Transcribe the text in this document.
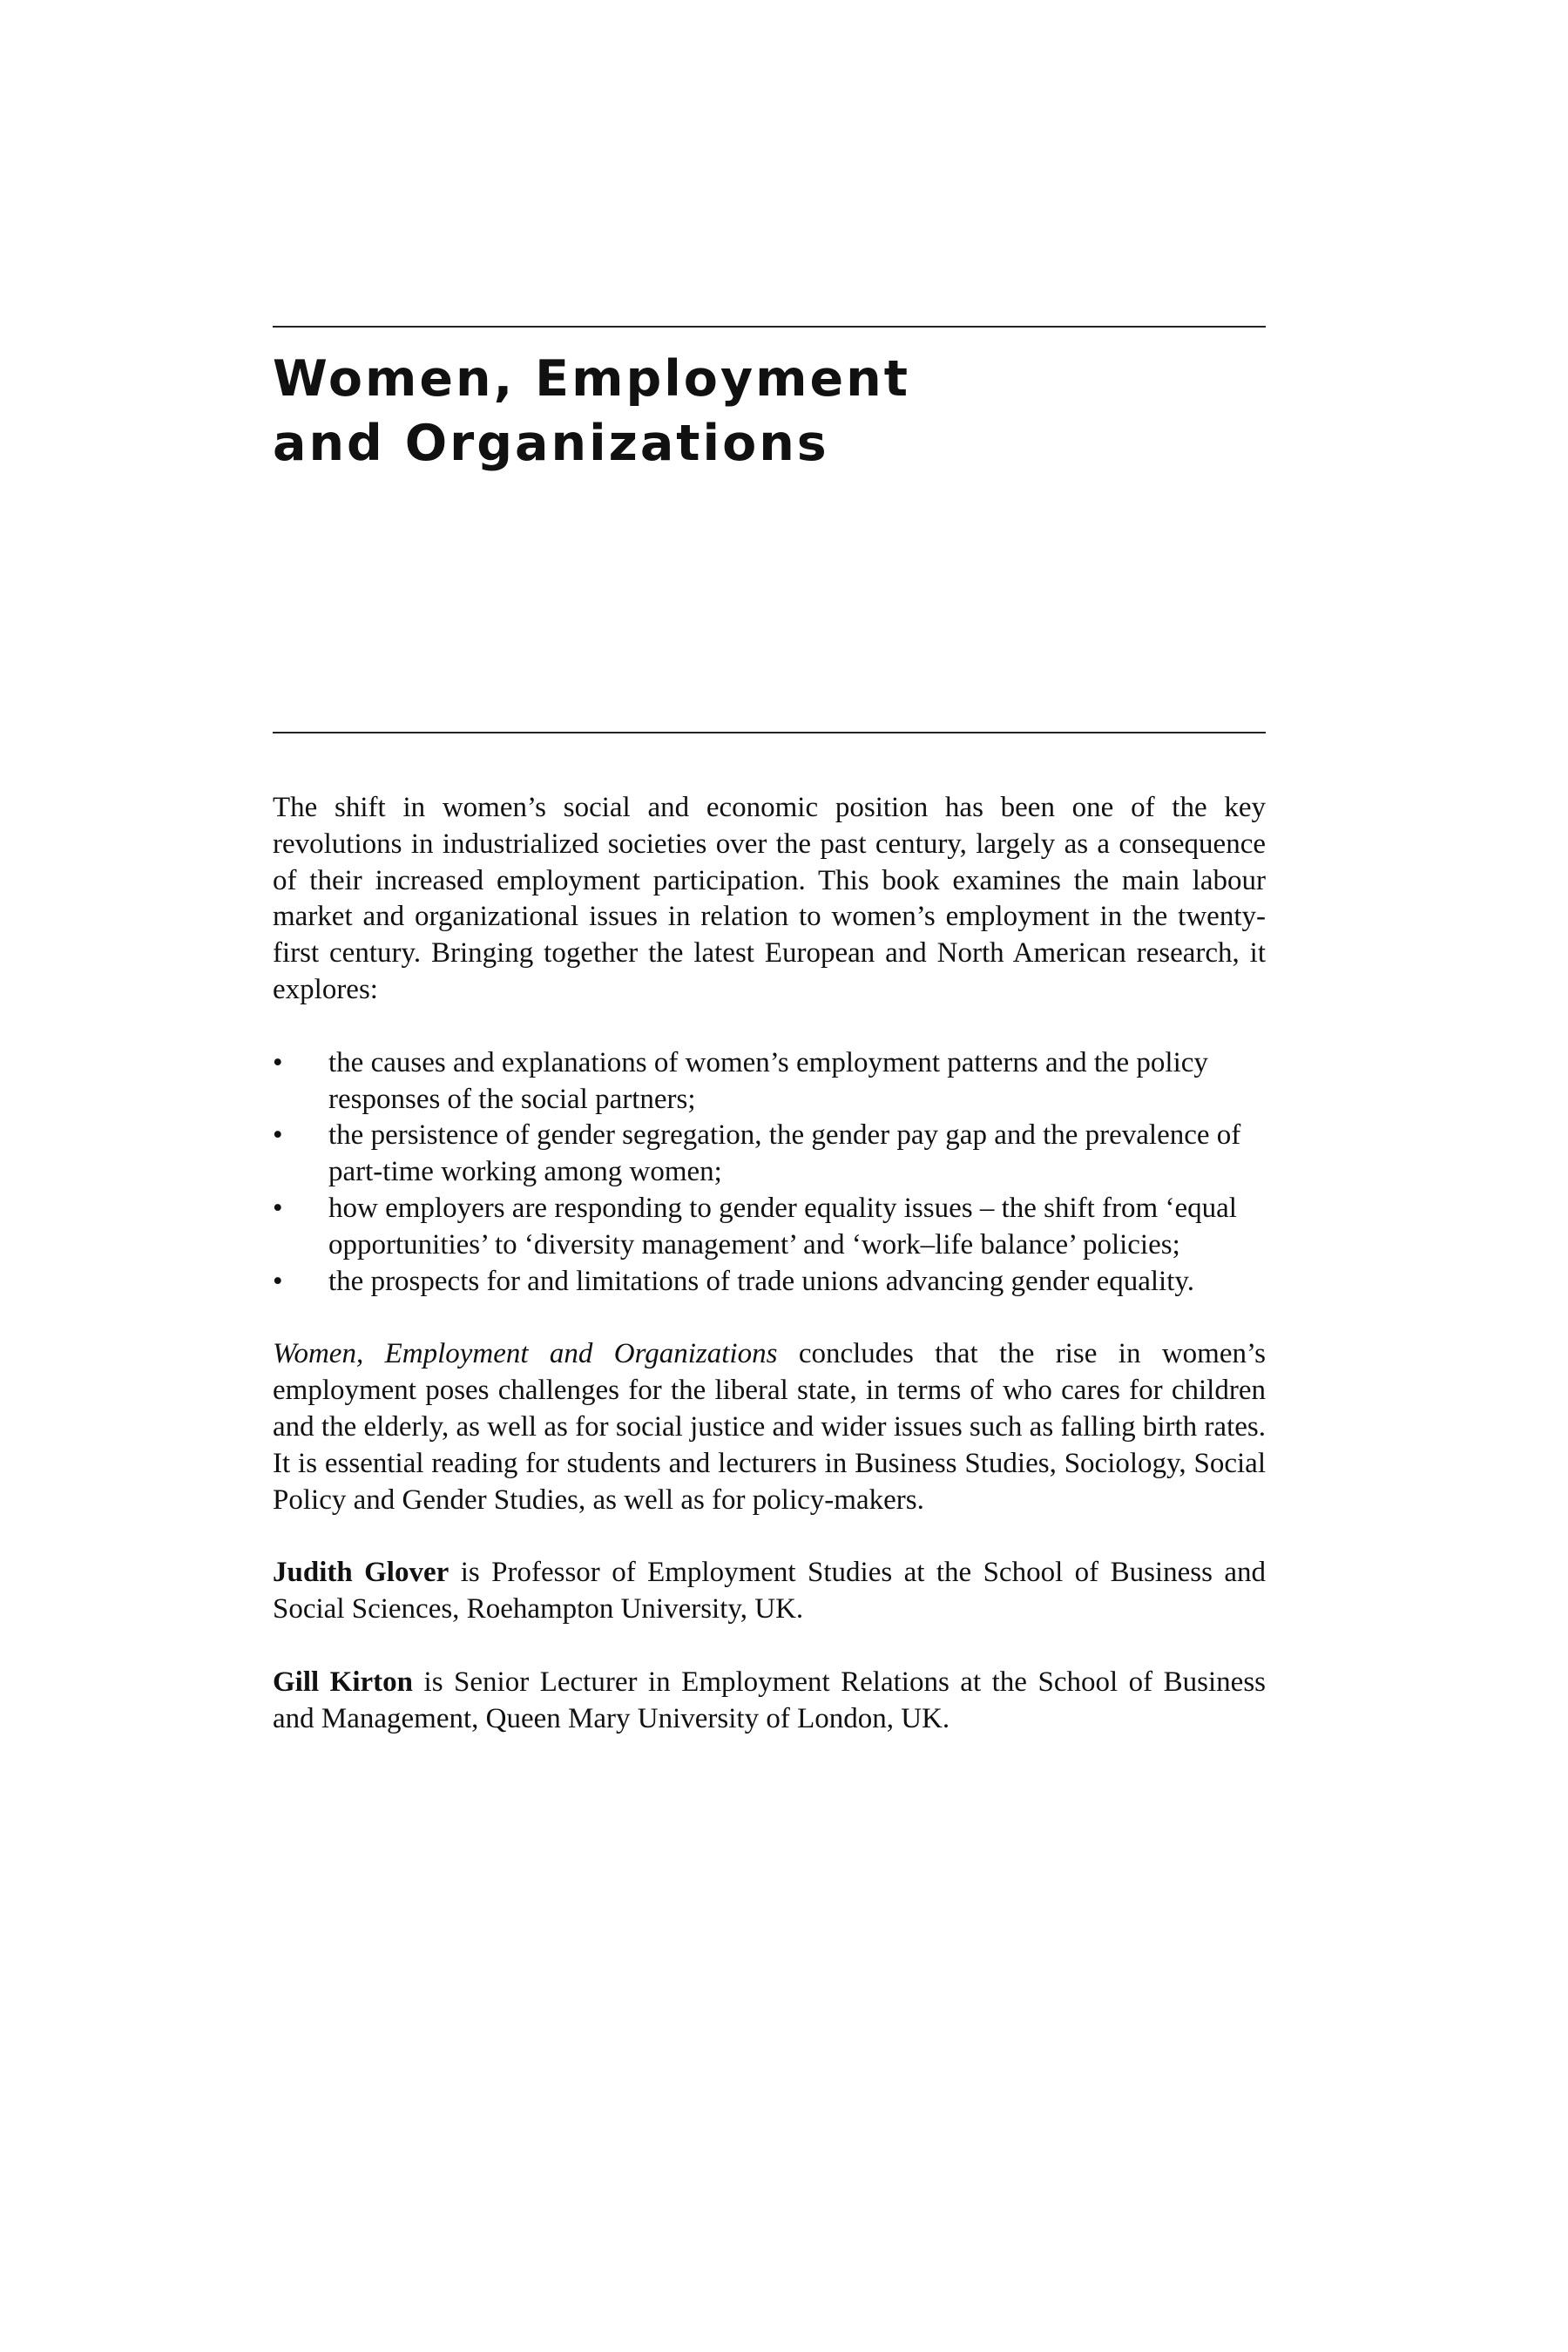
Women, Employment
and Organizations

The shift in women’s social and economic position has been one of the key revolutions in industrialized societies over the past century, largely as a consequence of their increased employment participation. This book examines the main labour market and organizational issues in relation to women’s employment in the twenty-first century. Bringing together the latest European and North American research, it explores:

• the causes and explanations of women’s employment patterns and the policy responses of the social partners;
• the persistence of gender segregation, the gender pay gap and the prevalence of part-time working among women;
• how employers are responding to gender equality issues – the shift from ‘equal opportunities’ to ‘diversity management’ and ‘work–life balance’ policies;
• the prospects for and limitations of trade unions advancing gender equality.

Women, Employment and Organizations concludes that the rise in women’s employment poses challenges for the liberal state, in terms of who cares for children and the elderly, as well as for social justice and wider issues such as falling birth rates. It is essential reading for students and lecturers in Business Studies, Sociology, Social Policy and Gender Studies, as well as for policy-makers.

Judith Glover is Professor of Employment Studies at the School of Business and Social Sciences, Roehampton University, UK.

Gill Kirton is Senior Lecturer in Employment Relations at the School of Business and Management, Queen Mary University of London, UK.
